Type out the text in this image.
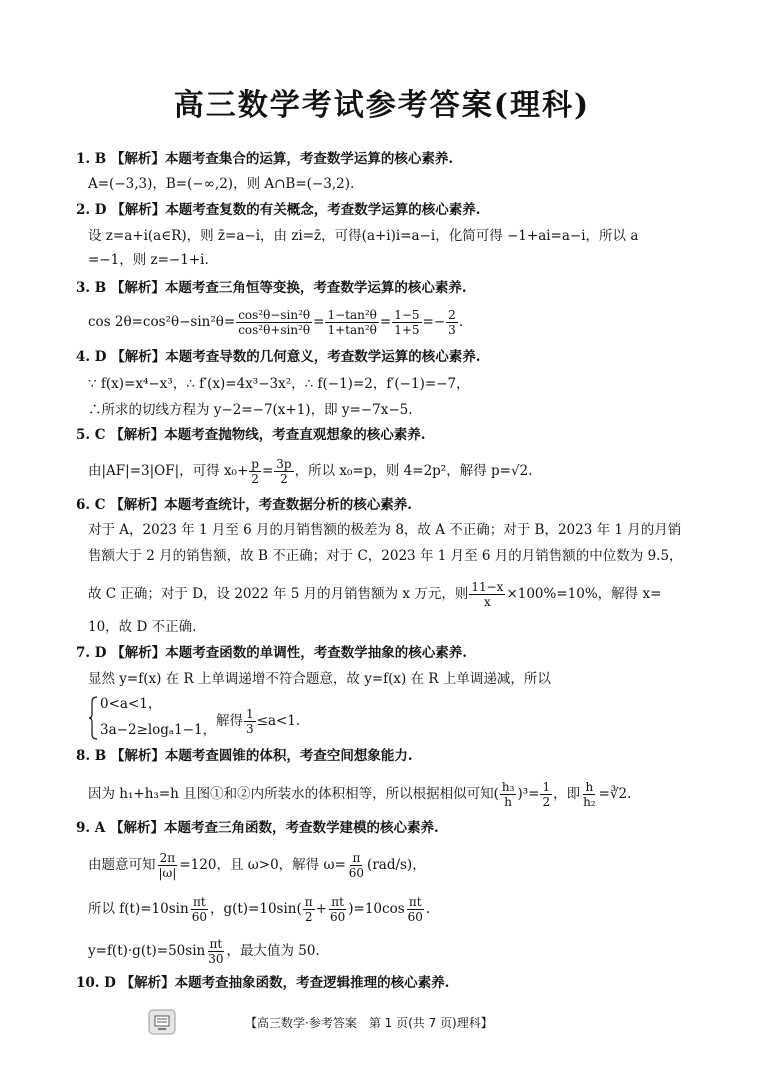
高三数学考试参考答案(理科)
1. B 【解析】本题考查集合的运算，考查数学运算的核心素养.
A=(−3,3)，B=(−∞,2)，则 A∩B=(−3,2).
2. D 【解析】本题考查复数的有关概念，考查数学运算的核心素养.
设 z=a+i(a∈R)，则 z̄=a−i，由 zi=z̄，可得(a+i)i=a−i，化简可得 −1+ai=a−i，所以 a
=−1，则 z=−1+i.
3. B 【解析】本题考查三角恒等变换，考查数学运算的核心素养.
$\cos 2\theta=\cos^2\theta-\sin^2\theta= \frac{\text{cos²θ−sin²θ}}{\text{cos²θ+sin²θ}} = \frac{\text{1−tan²θ}}{\text{1+tan²θ}} = \frac{1-5}{1+5} =- \frac{2}{3}$ .
4. D 【解析】本题考查导数的几何意义，考查数学运算的核心素养.
∵ f(x)=x⁴−x³，∴ f′(x)=4x³−3x²，∴ f(−1)=2，f′(−1)=−7，
∴所求的切线方程为 y−2=−7(x+1)，即 y=−7x−5.
5. C 【解析】本题考查抛物线，考查直观想象的核心素养.
由|AF|=3|OF|，可得 $x_0+ \frac{p}{2} = \frac{3p}{2}$ ，所以 x₀=p，则 4=2p²，解得 p=√2.
6. C 【解析】本题考查统计，考查数据分析的核心素养.
对于 A，2023 年 1 月至 6 月的月销售额的极差为 8，故 A 不正确；对于 B，2023 年 1 月的月销
售额大于 2 月的销售额，故 B 不正确；对于 C，2023 年 1 月至 6 月的月销售额的中位数为 9.5，
故 C 正确；对于 D，设 2022 年 5 月的月销售额为 x 万元，则 $\frac{11-x}{x} \times 100\%=10\%$，解得 x=
10，故 D 不正确.
7. D 【解析】本题考查函数的单调性，考查数学抽象的核心素养.
显然 y=f(x) 在 R 上单调递增不符合题意，故 y=f(x) 在 R 上单调递减，所以
0<a<1，
3a−2≥logₐ1−1，
解得 $\frac{1}{3} \le a<1$.
8. B 【解析】本题考查圆锥的体积，考查空间想象能力.
因为 h₁+h₃=h 且图①和②内所装水的体积相等，所以根据相似可知( $\frac{\text{h₃}}{h} )^3= \frac{1}{2}$ ，即 $\frac{h}{\text{h₂}}$ =∛2.
9. A 【解析】本题考查三角函数，考查数学建模的核心素养.
由题意可知 $\frac{2\pi}{|\omega|} =120$，且 ω>0，解得 $\omega= \frac{\pi}{60} (rad/s)$，
所以 $f(t)=10\sin \frac{\pi t}{60}$ ，$g(t)=10\sin( \frac{\pi}{2} + \frac{\pi t}{60} )=10\cos \frac{\pi t}{60}$ .
$y=f(t)\cdot g(t)=50\sin \frac{\pi t}{30}$ ，最大值为 50.
10. D 【解析】本题考查抽象函数，考查逻辑推理的核心素养.
【高三数学·参考答案　第 1 页(共 7 页)理科】
